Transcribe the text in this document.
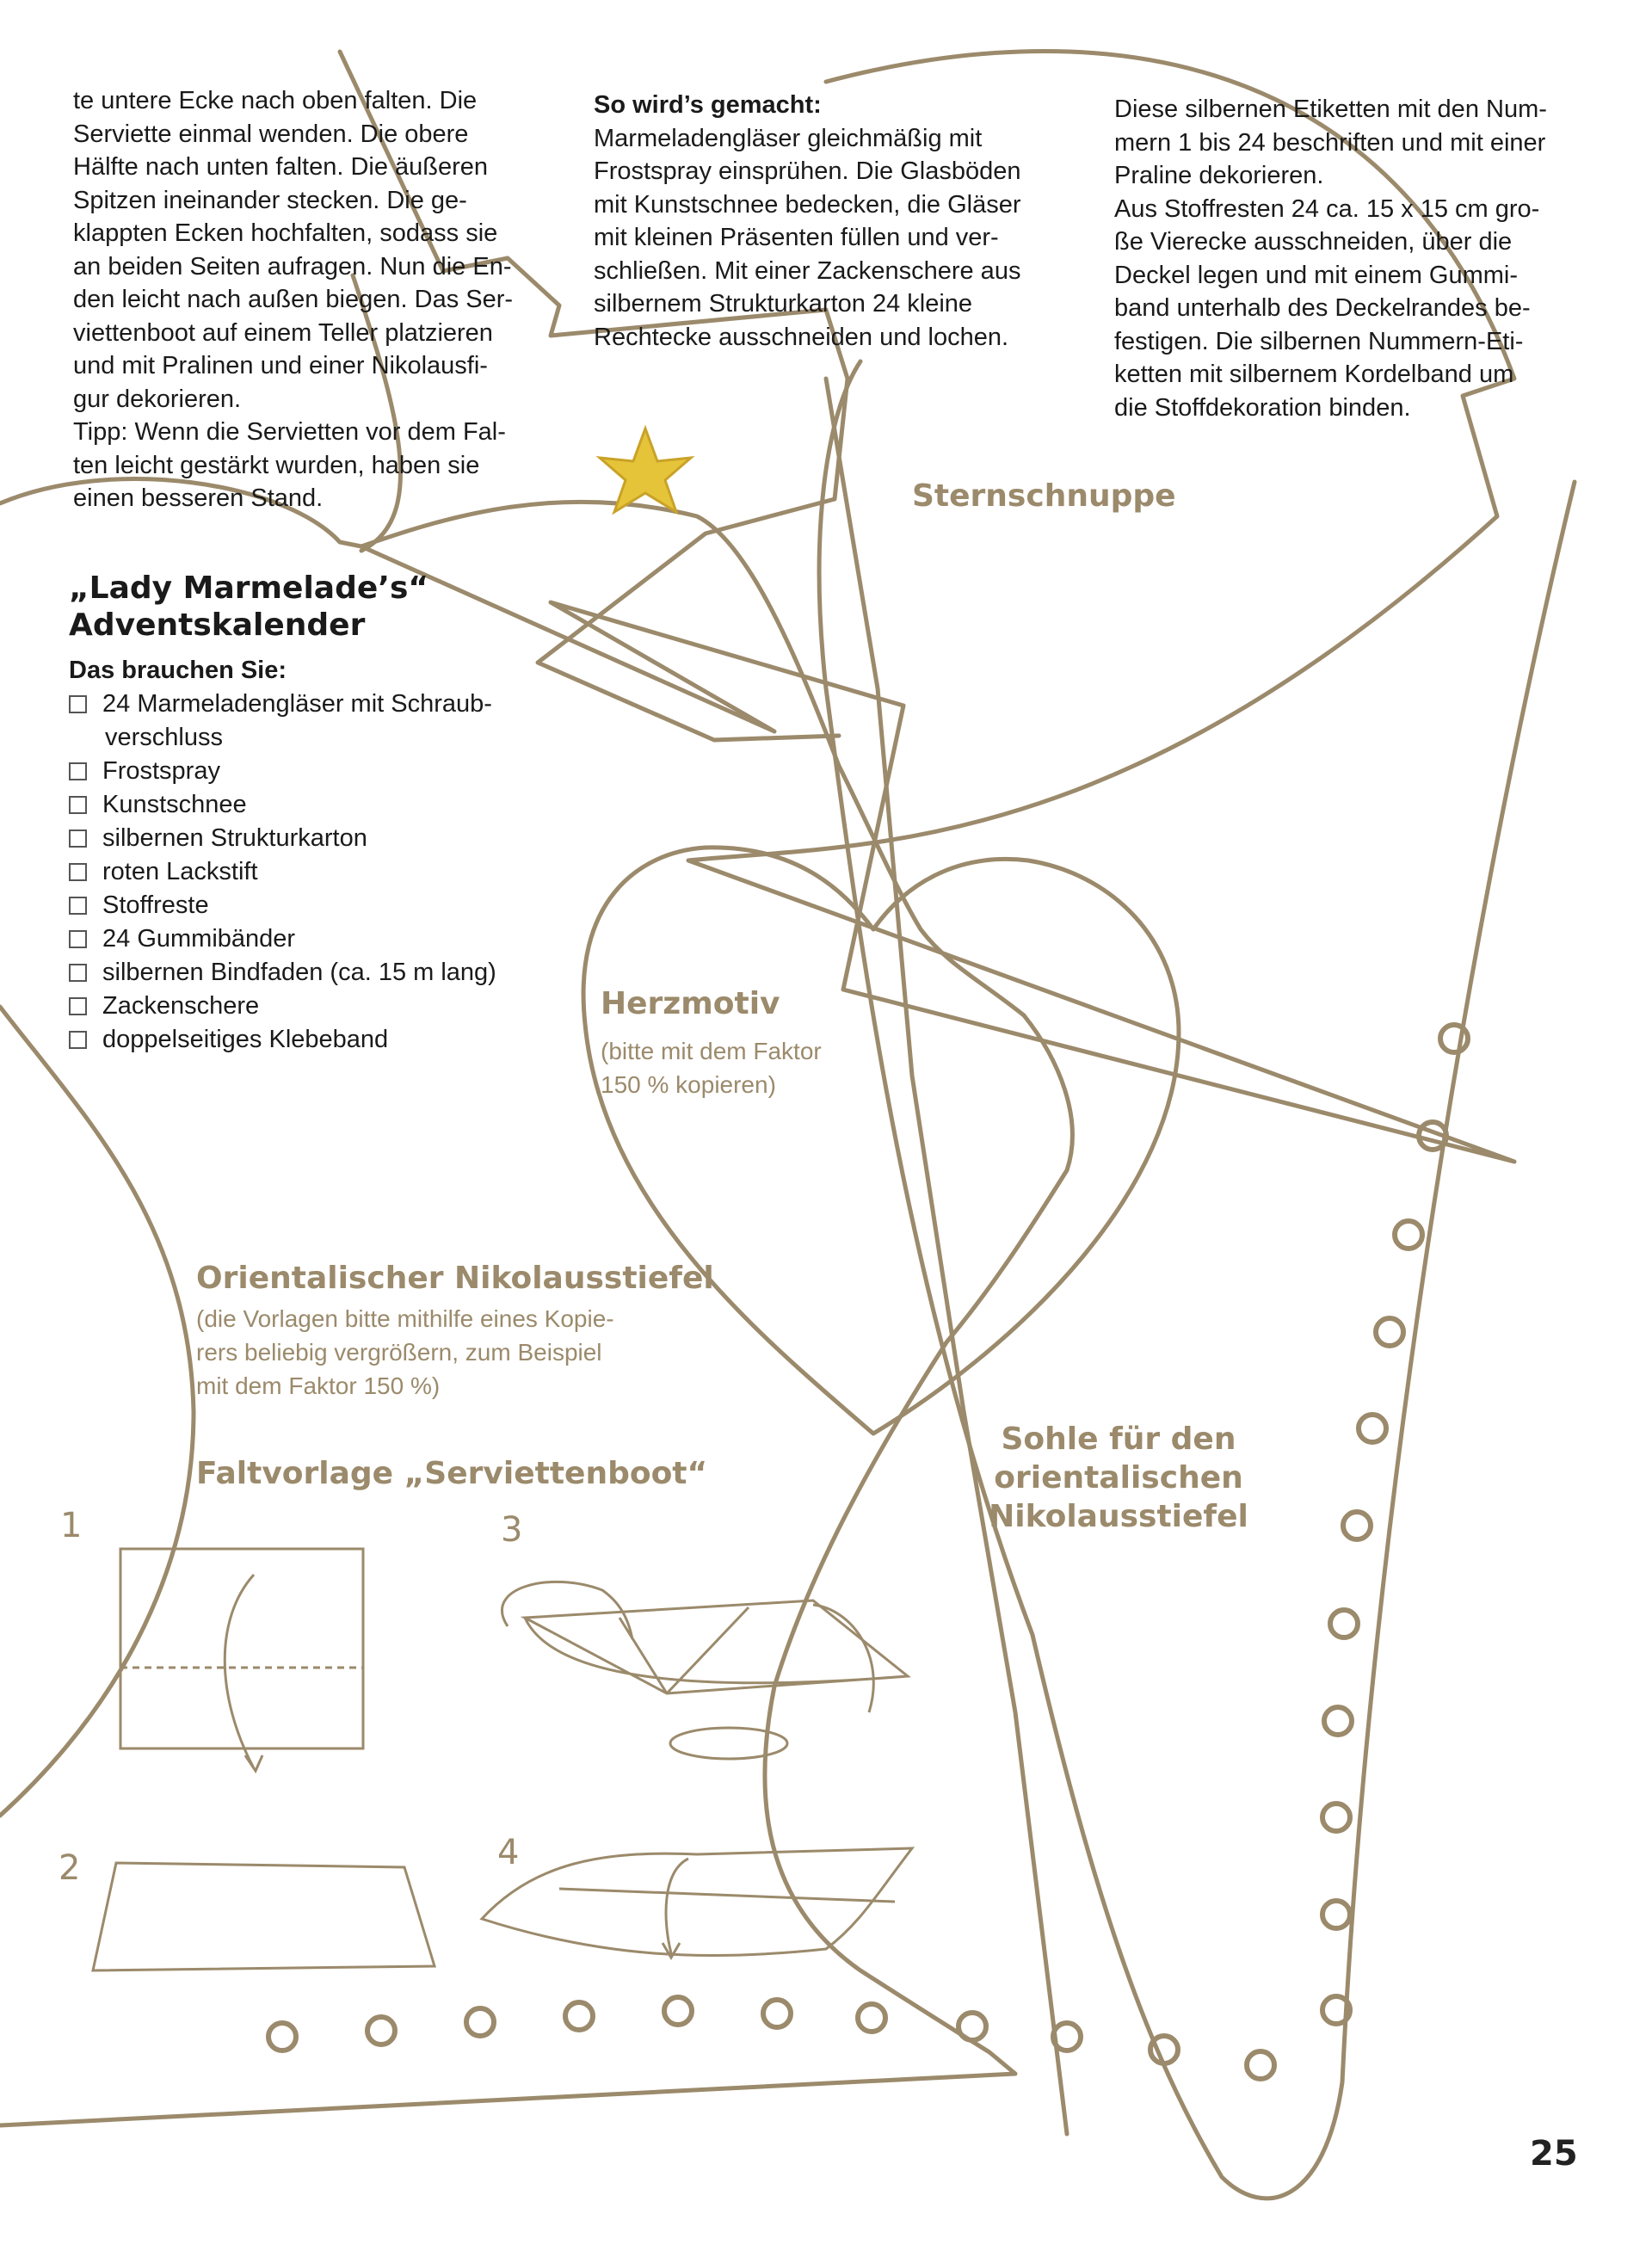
te untere Ecke nach oben falten. Die
Serviette einmal wenden. Die obere
Hälfte nach unten falten. Die äußeren
Spitzen ineinander stecken. Die ge-
klappten Ecken hochfalten, sodass sie
an beiden Seiten aufragen. Nun die En-
den leicht nach außen biegen. Das Ser-
viettenboot auf einem Teller platzieren
und mit Pralinen und einer Nikolausfi-
gur dekorieren.
Tipp: Wenn die Servietten vor dem Fal-
ten leicht gestärkt wurden, haben sie
einen besseren Stand.
„Lady Marmelade’s“
Adventskalender
Das brauchen Sie:
24 Marmeladengläser mit Schraub-
verschluss
Frostspray
Kunstschnee
silbernen Strukturkarton
roten Lackstift
Stoffreste
24 Gummibänder
silbernen Bindfaden (ca. 15 m lang)
Zackenschere
doppelseitiges Klebeband
So wird’s gemacht:
Marmeladengläser gleichmäßig mit
Frostspray einsprühen. Die Glasböden
mit Kunstschnee bedecken, die Gläser
mit kleinen Präsenten füllen und ver-
schließen. Mit einer Zackenschere aus
silbernem Strukturkarton 24 kleine
Rechtecke ausschneiden und lochen.
Diese silbernen Etiketten mit den Num-
mern 1 bis 24 beschriften und mit einer
Praline dekorieren.
Aus Stoffresten 24 ca. 15 x 15 cm gro-
ße Vierecke ausschneiden, über die
Deckel legen und mit einem Gummi-
band unterhalb des Deckelrandes be-
festigen. Die silbernen Nummern-Eti-
ketten mit silbernem Kordelband um
die Stoffdekoration binden.
Sternschnuppe
Herzmotiv
(bitte mit dem Faktor
150 % kopieren)
Orientalischer Nikolausstiefel
(die Vorlagen bitte mithilfe eines Kopie-
rers beliebig vergrößern, zum Beispiel
mit dem Faktor 150 %)
Faltvorlage „Serviettenboot“
Sohle für den
orientalischen
Nikolausstiefel
1	3
2	4
25
